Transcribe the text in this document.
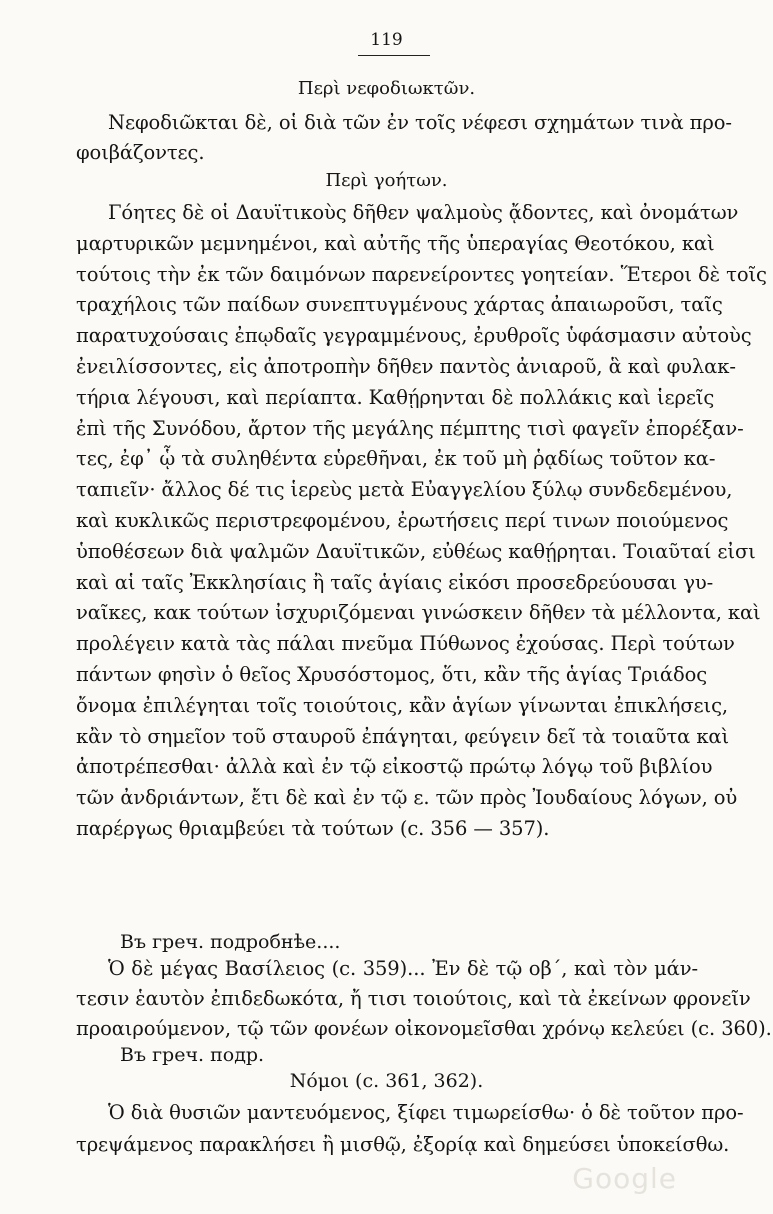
119
Περὶ νεφοδιωκτῶν.
Νεφοδιῶκται δὲ, οἱ διὰ τῶν ἐν τοῖς νέφεσι σχημάτων τινὰ προ-
φοιβάζοντες.
Περὶ γοήτων.
Γόητες δὲ οἱ Δαυϊτικοὺς δῆθεν ψαλμοὺς ᾄδοντες, καὶ ὀνομάτων
μαρτυρικῶν μεμνημένοι, καὶ αὐτῆς τῆς ὑπεραγίας Θεοτόκου, καὶ
τούτοις τὴν ἐκ τῶν δαιμόνων παρενείροντες γοητείαν. Ἕτεροι δὲ τοῖς
τραχήλοις τῶν παίδων συνεπτυγμένους χάρτας ἀπαιωροῦσι, ταῖς
παρατυχούσαις ἐπῳδαῖς γεγραμμένους, ἐρυθροῖς ὑφάσμασιν αὐτοὺς
ἐνειλίσσοντες, εἰς ἀποτροπὴν δῆθεν παντὸς ἀνιαροῦ, ἃ καὶ φυλακ-
τήρια λέγουσι, καὶ περίαπτα. Καθῄρηνται δὲ πολλάκις καὶ ἱερεῖς
ἐπὶ τῆς Συνόδου, ἄρτον τῆς μεγάλης πέμπτης τισὶ φαγεῖν ἐπορέξαν-
τες, ἐφ᾽ ᾧ τὰ συληθέντα εὑρεθῆναι, ἐκ τοῦ μὴ ῥᾳδίως τοῦτον κα-
ταπιεῖν· ἄλλος δέ τις ἱερεὺς μετὰ Εὐαγγελίου ξύλῳ συνδεδεμένου,
καὶ κυκλικῶς περιστρεφομένου, ἐρωτήσεις περί τινων ποιούμενος
ὑποθέσεων διὰ ψαλμῶν Δαυϊτικῶν, εὐθέως καθῄρηται. Τοιαῦταί εἰσι
καὶ αἱ ταῖς Ἐκκλησίαις ἢ ταῖς ἁγίαις εἰκόσι προσεδρεύουσαι γυ-
ναῖκες, κακ τούτων ἰσχυριζόμεναι γινώσκειν δῆθεν τὰ μέλλοντα, καὶ
προλέγειν κατὰ τὰς πάλαι πνεῦμα Πύθωνος ἐχούσας. Περὶ τούτων
πάντων φησὶν ὁ θεῖος Χρυσόστομος, ὅτι, κἂν τῆς ἁγίας Τριάδος
ὄνομα ἐπιλέγηται τοῖς τοιούτοις, κἂν ἁγίων γίνωνται ἐπικλήσεις,
κἂν τὸ σημεῖον τοῦ σταυροῦ ἐπάγηται, φεύγειν δεῖ τὰ τοιαῦτα καὶ
ἀποτρέπεσθαι· ἀλλὰ καὶ ἐν τῷ εἰκοστῷ πρώτῳ λόγῳ τοῦ βιβλίου
τῶν ἀνδριάντων, ἔτι δὲ καὶ ἐν τῷ ε. τῶν πρὸς Ἰουδαίους λόγων, οὐ
παρέργως θριαμβεύει τὰ τούτων (c. 356 — 357).
Въ греч. подробнѣе....
Ὁ δὲ μέγας Βασίλειος (c. 359)... Ἐν δὲ τῷ οβ΄, καὶ τὸν μάν-
τεσιν ἑαυτὸν ἐπιδεδωκότα, ἤ τισι τοιούτοις, καὶ τὰ ἐκείνων φρονεῖν
προαιρούμενον, τῷ τῶν φονέων οἰκονομεῖσθαι χρόνῳ κελεύει (c. 360).
Въ греч. подр.
Νόμοι (c. 361, 362).
Ὁ διὰ θυσιῶν μαντευόμενος, ξίφει τιμωρείσθω· ὁ δὲ τοῦτον προ-
τρεψάμενος παρακλήσει ἢ μισθῷ, ἐξορίᾳ καὶ δημεύσει ὑποκείσθω.
Google
